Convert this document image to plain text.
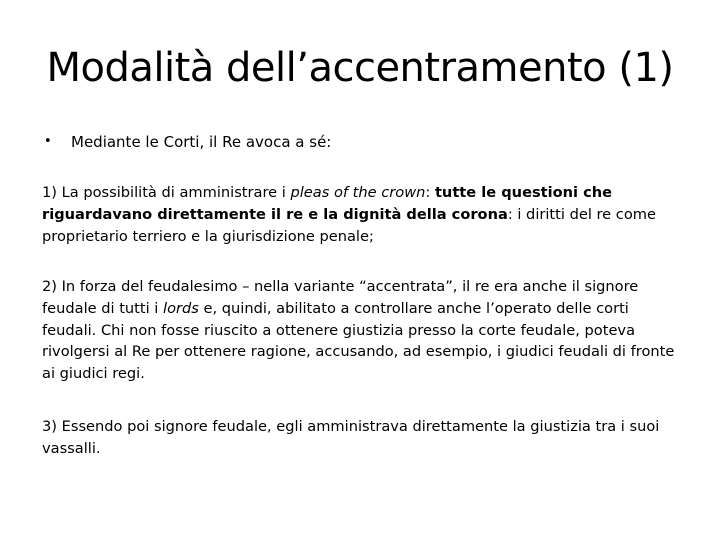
Modalità dell’accentramento (1)
• Mediante le Corti, il Re avoca a sé:
1) La possibilità di amministrare i pleas of the crown: tutte le questioni che riguardavano direttamente il re e la dignità della corona: i diritti del re come proprietario terriero e la giurisdizione penale;
2) In forza del feudalesimo – nella variante “accentrata”, il re era anche il signore feudale di tutti i lords e, quindi, abilitato a controllare anche l’operato delle corti feudali. Chi non fosse riuscito a ottenere giustizia presso la corte feudale, poteva rivolgersi al Re per ottenere ragione, accusando, ad esempio, i giudici feudali di fronte ai giudici regi.
3) Essendo poi signore feudale, egli amministrava direttamente la giustizia tra i suoi vassalli.
